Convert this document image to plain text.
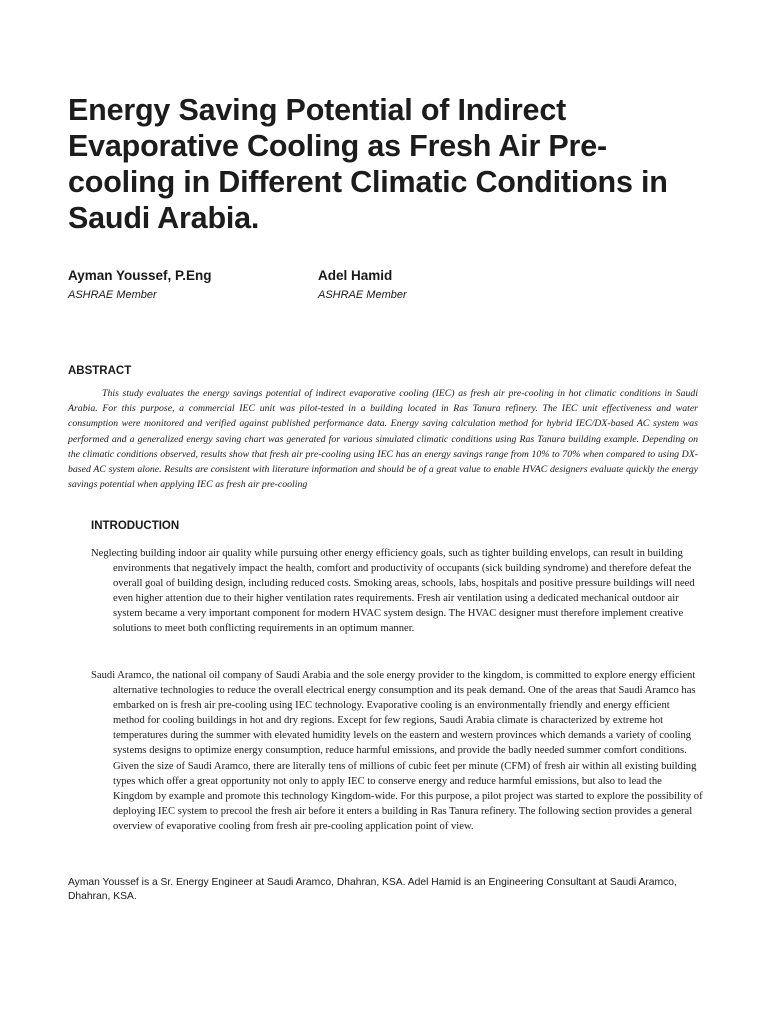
Energy Saving Potential of Indirect Evaporative Cooling as Fresh Air Pre-cooling in Different Climatic Conditions in Saudi Arabia.
Ayman Youssef, P.Eng
ASHRAE Member
Adel Hamid
ASHRAE Member
ABSTRACT

This study evaluates the energy savings potential of indirect evaporative cooling (IEC) as fresh air pre-cooling in hot climatic conditions in Saudi Arabia. For this purpose, a commercial IEC unit was pilot-tested in a building located in Ras Tanura refinery. The IEC unit effectiveness and water consumption were monitored and verified against published performance data. Energy saving calculation method for hybrid IEC/DX-based AC system was performed and a generalized energy saving chart was generated for various simulated climatic conditions using Ras Tanura building example. Depending on the climatic conditions observed, results show that fresh air pre-cooling using IEC has an energy savings range from 10% to 70% when compared to using DX-based AC system alone. Results are consistent with literature information and should be of a great value to enable HVAC designers evaluate quickly the energy savings potential when applying IEC as fresh air pre-cooling

INTRODUCTION

Neglecting building indoor air quality while pursuing other energy efficiency goals, such as tighter building envelops, can result in building environments that negatively impact the health, comfort and productivity of occupants (sick building syndrome) and therefore defeat the overall goal of building design, including reduced costs. Smoking areas, schools, labs, hospitals and positive pressure buildings will need even higher attention due to their higher ventilation rates requirements. Fresh air ventilation using a dedicated mechanical outdoor air system became a very important component for modern HVAC system design. The HVAC designer must therefore implement creative solutions to meet both conflicting requirements in an optimum manner.

Saudi Aramco, the national oil company of Saudi Arabia and the sole energy provider to the kingdom, is committed to explore energy efficient alternative technologies to reduce the overall electrical energy consumption and its peak demand. One of the areas that Saudi Aramco has embarked on is fresh air pre-cooling using IEC technology. Evaporative cooling is an environmentally friendly and energy efficient method for cooling buildings in hot and dry regions. Except for few regions, Saudi Arabia climate is characterized by extreme hot temperatures during the summer with elevated humidity levels on the eastern and western provinces which demands a variety of cooling systems designs to optimize energy consumption, reduce harmful emissions, and provide the badly needed summer comfort conditions. Given the size of Saudi Aramco, there are literally tens of millions of cubic feet per minute (CFM) of fresh air within all existing building types which offer a great opportunity not only to apply IEC to conserve energy and reduce harmful emissions, but also to lead the Kingdom by example and promote this technology Kingdom-wide. For this purpose, a pilot project was started to explore the possibility of deploying IEC system to precool the fresh air before it enters a building in Ras Tanura refinery. The following section provides a general overview of evaporative cooling from fresh air pre-cooling application point of view.

Ayman Youssef is a Sr. Energy Engineer at Saudi Aramco, Dhahran, KSA. Adel Hamid is an Engineering Consultant at Saudi Aramco, Dhahran, KSA.
